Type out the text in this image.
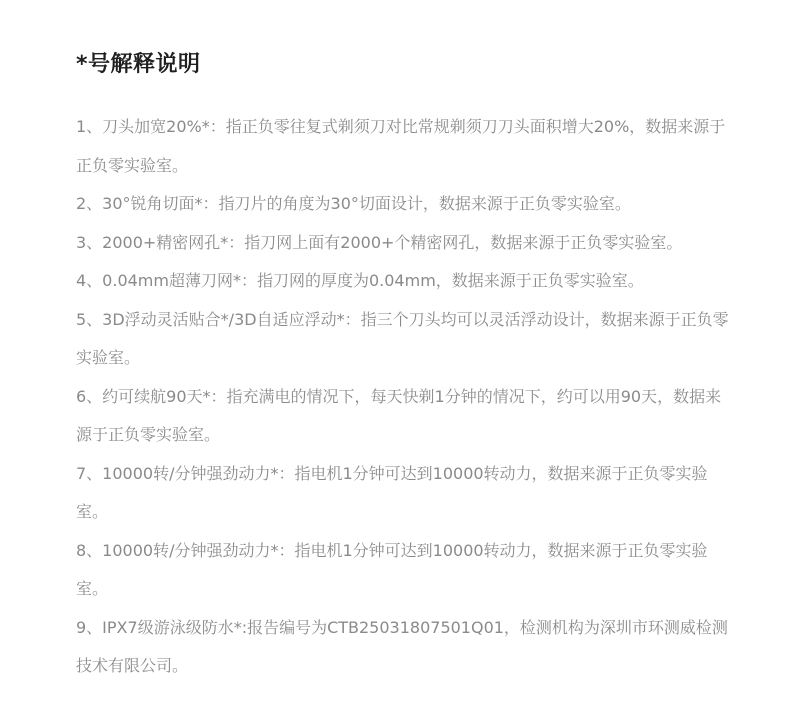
*号解释说明
1、刀头加宽20%*：指正负零往复式剃须刀对比常规剃须刀刀头面积增大20%，数据来源于正负零实验室。
2、30°锐角切面*：指刀片的角度为30°切面设计，数据来源于正负零实验室。
3、2000+精密网孔*：指刀网上面有2000+个精密网孔，数据来源于正负零实验室。
4、0.04mm超薄刀网*：指刀网的厚度为0.04mm，数据来源于正负零实验室。
5、3D浮动灵活贴合*/3D自适应浮动*：指三个刀头均可以灵活浮动设计，数据来源于正负零实验室。
6、约可续航90天*：指充满电的情况下，每天快剃1分钟的情况下，约可以用90天，数据来源于正负零实验室。
7、10000转/分钟强劲动力*：指电机1分钟可达到10000转动力，数据来源于正负零实验室。
8、10000转/分钟强劲动力*：指电机1分钟可达到10000转动力，数据来源于正负零实验室。
9、IPX7级游泳级防水*:报告编号为CTB25031807501Q01，检测机构为深圳市环测威检测技术有限公司。
